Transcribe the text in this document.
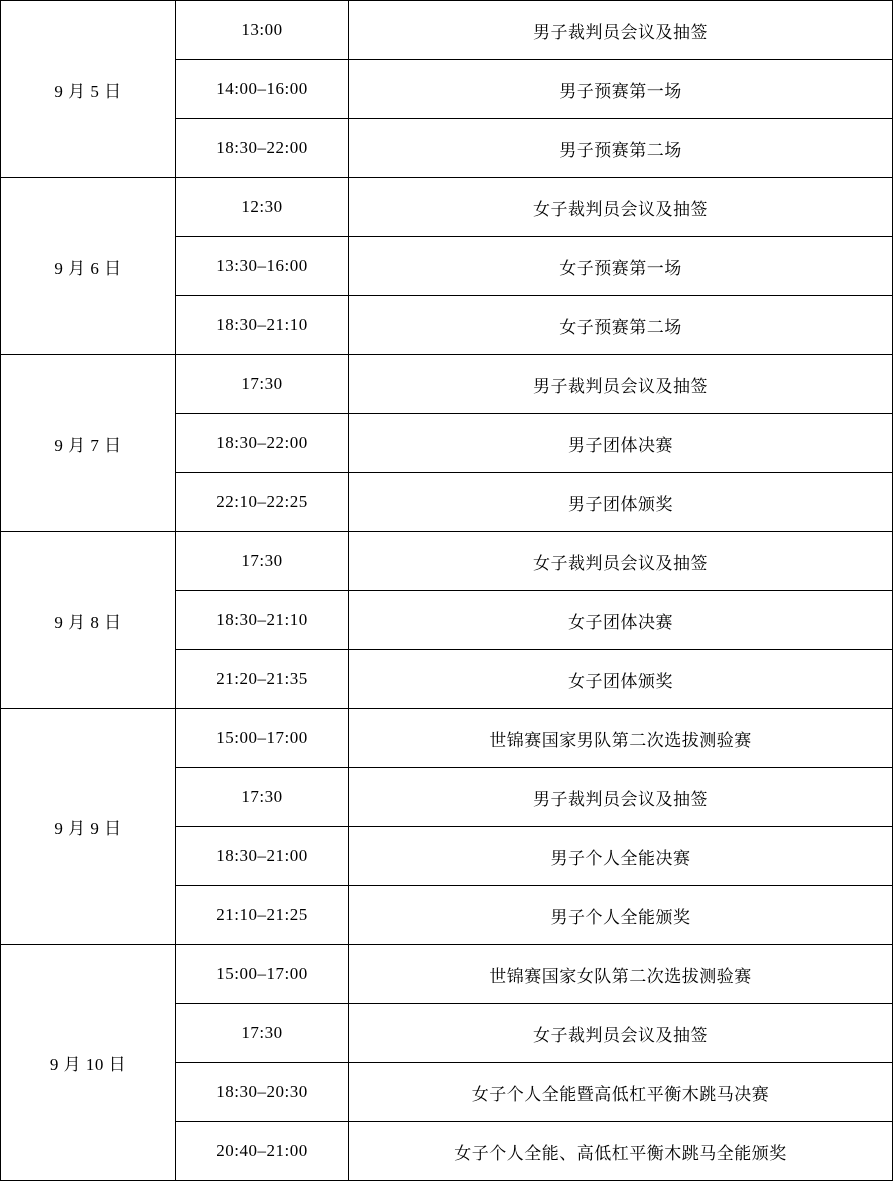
9 月 5 日	13:00	男子裁判员会议及抽签
	14:00–16:00	男子预赛第一场
	18:30–22:00	男子预赛第二场
9 月 6 日	12:30	女子裁判员会议及抽签
	13:30–16:00	女子预赛第一场
	18:30–21:10	女子预赛第二场
9 月 7 日	17:30	男子裁判员会议及抽签
	18:30–22:00	男子团体决赛
	22:10–22:25	男子团体颁奖
9 月 8 日	17:30	女子裁判员会议及抽签
	18:30–21:10	女子团体决赛
	21:20–21:35	女子团体颁奖
9 月 9 日	15:00–17:00	世锦赛国家男队第二次选拔测验赛
	17:30	男子裁判员会议及抽签
	18:30–21:00	男子个人全能决赛
	21:10–21:25	男子个人全能颁奖
9 月 10 日	15:00–17:00	世锦赛国家女队第二次选拔测验赛
	17:30	女子裁判员会议及抽签
	18:30–20:30	女子个人全能暨高低杠平衡木跳马决赛
	20:40–21:00	女子个人全能、高低杠平衡木跳马全能颁奖
